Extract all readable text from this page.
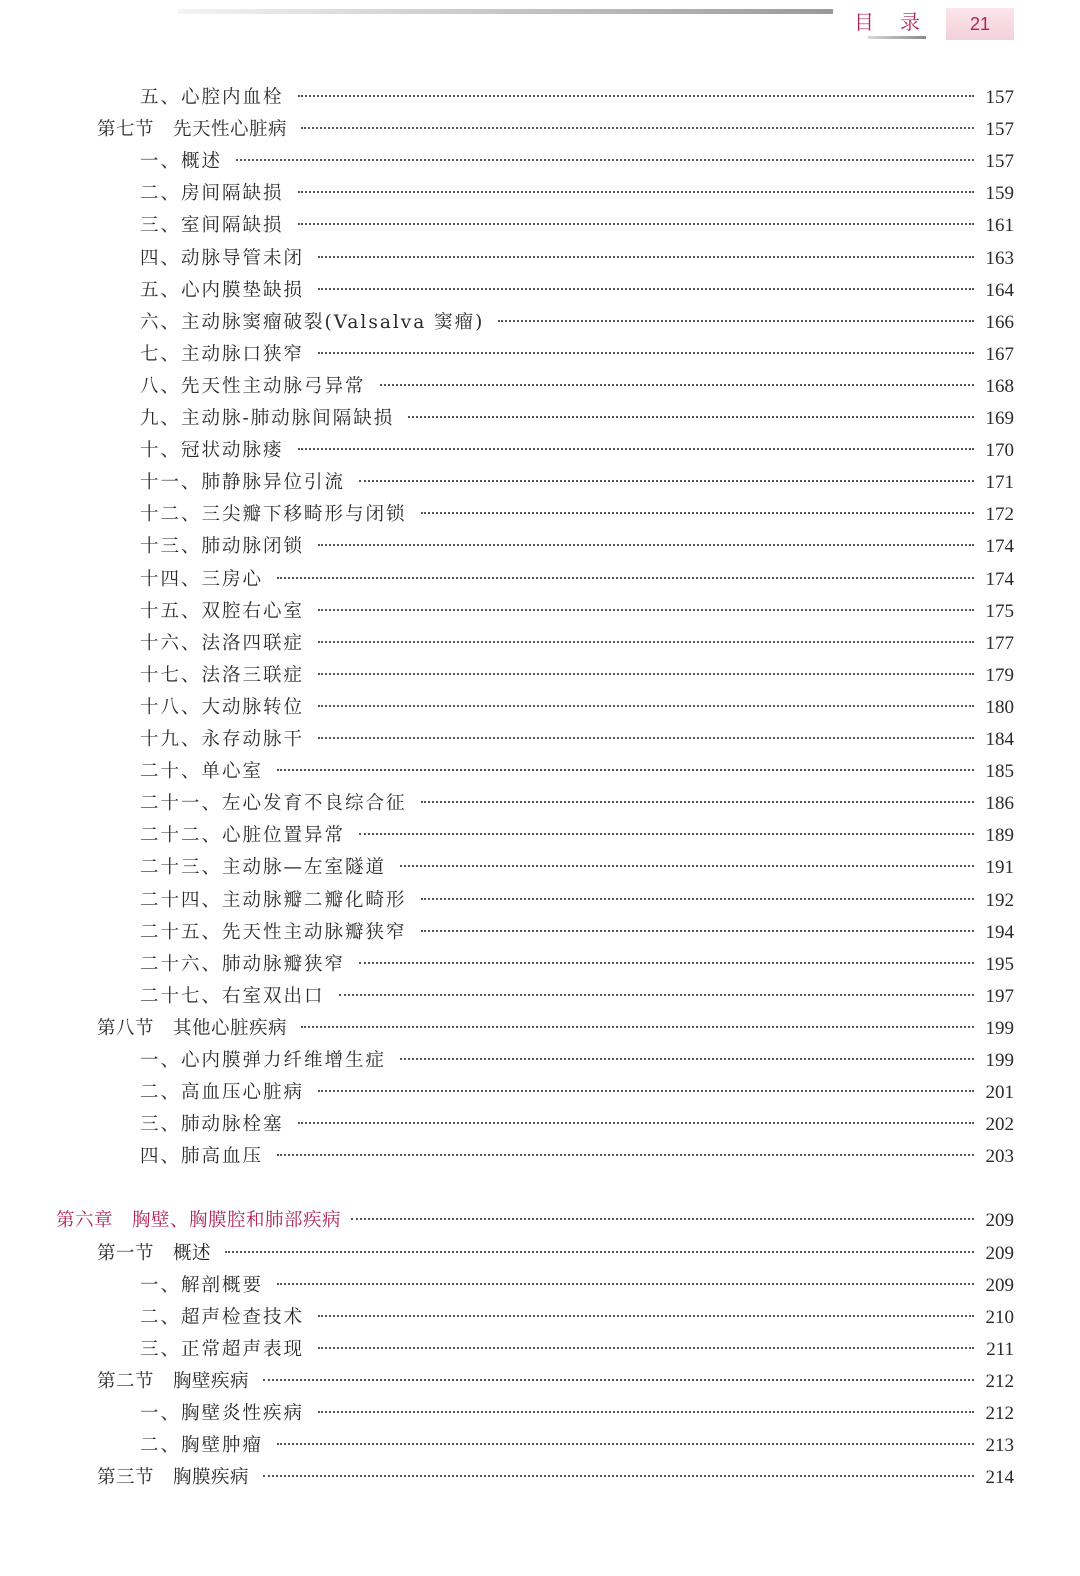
目录	21
五、心腔内血栓	157
第七节　先天性心脏病	157
一、概述	157
二、房间隔缺损	159
三、室间隔缺损	161
四、动脉导管未闭	163
五、心内膜垫缺损	164
六、主动脉窦瘤破裂(Valsalva 窦瘤)	166
七、主动脉口狭窄	167
八、先天性主动脉弓异常	168
九、主动脉-肺动脉间隔缺损	169
十、冠状动脉瘘	170
十一、肺静脉异位引流	171
十二、三尖瓣下移畸形与闭锁	172
十三、肺动脉闭锁	174
十四、三房心	174
十五、双腔右心室	175
十六、法洛四联症	177
十七、法洛三联症	179
十八、大动脉转位	180
十九、永存动脉干	184
二十、单心室	185
二十一、左心发育不良综合征	186
二十二、心脏位置异常	189
二十三、主动脉—左室隧道	191
二十四、主动脉瓣二瓣化畸形	192
二十五、先天性主动脉瓣狭窄	194
二十六、肺动脉瓣狭窄	195
二十七、右室双出口	197
第八节　其他心脏疾病	199
一、心内膜弹力纤维增生症	199
二、高血压心脏病	201
三、肺动脉栓塞	202
四、肺高血压	203
第六章　胸壁、胸膜腔和肺部疾病	209
第一节　概述	209
一、解剖概要	209
二、超声检查技术	210
三、正常超声表现	211
第二节　胸壁疾病	212
一、胸壁炎性疾病	212
二、胸壁肿瘤	213
第三节　胸膜疾病	214
